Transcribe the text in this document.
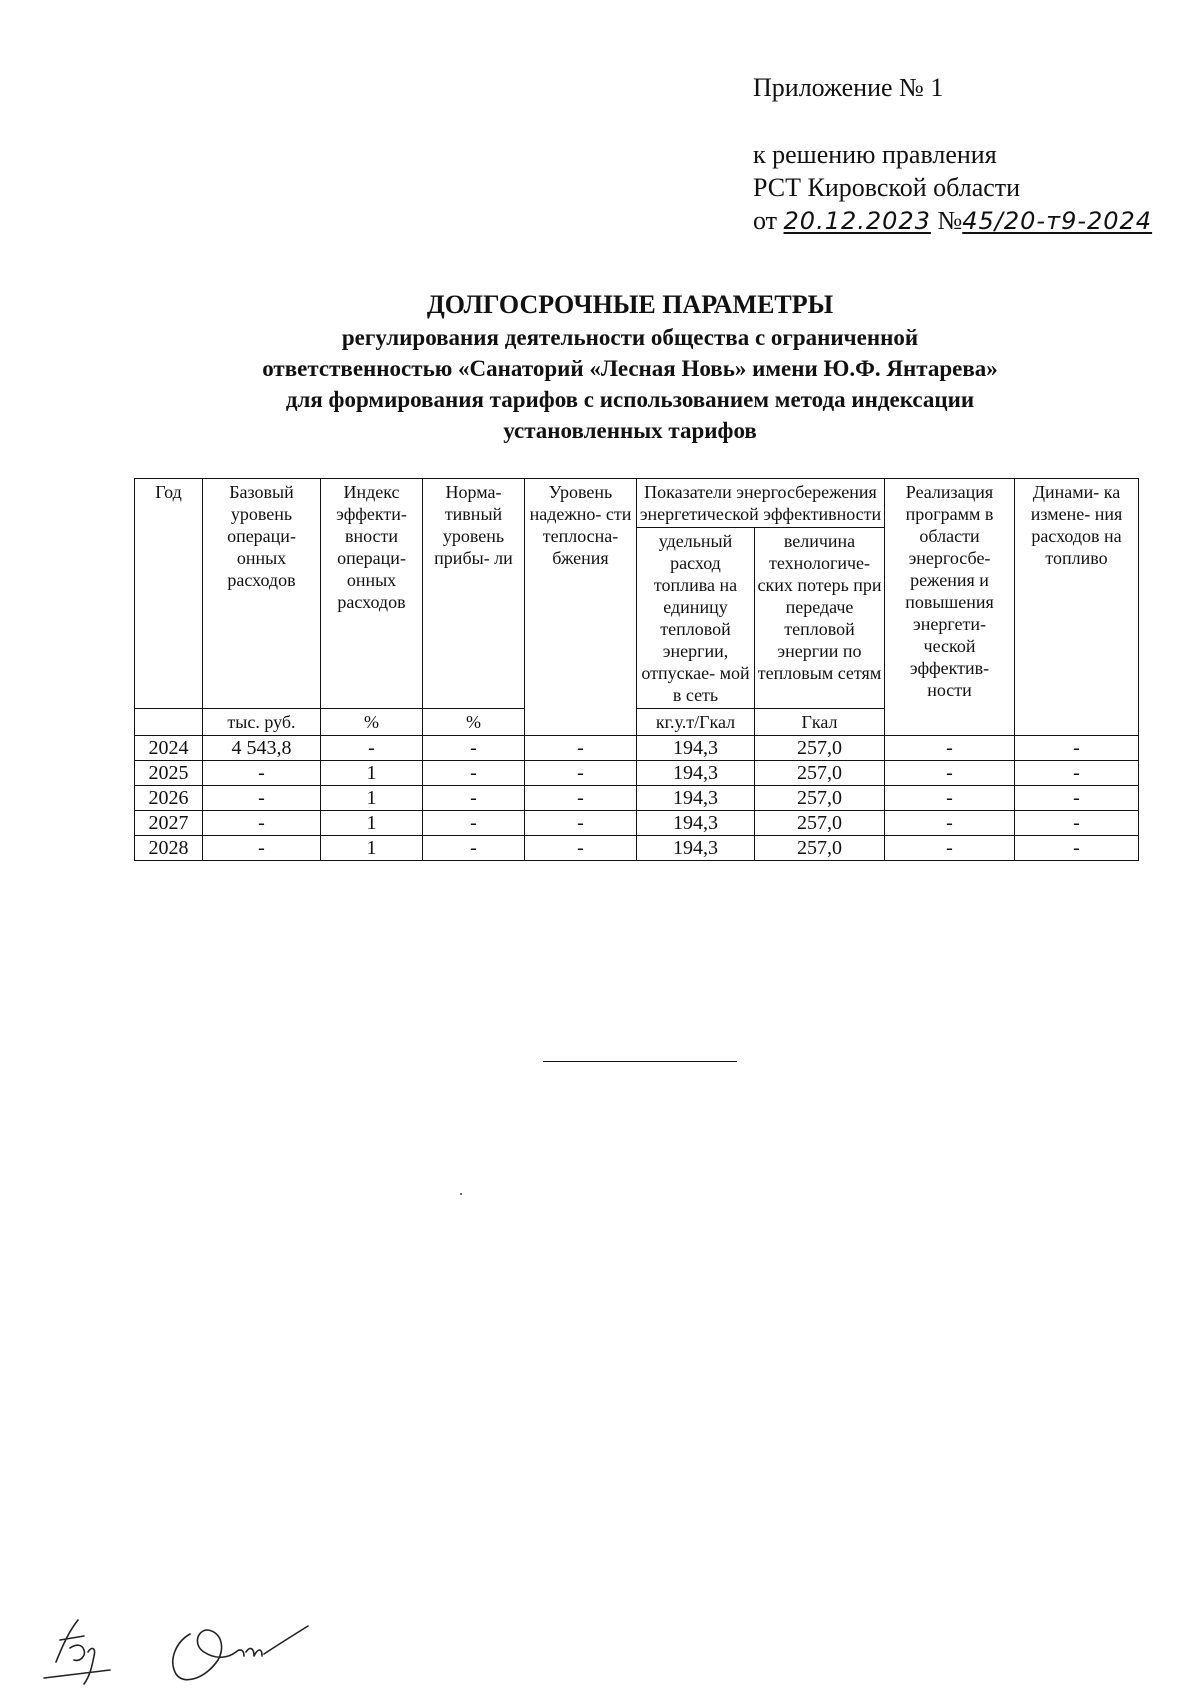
Приложение № 1
к решению правления
РСТ Кировской области
от 20.12.2023 №45/20-т9-2024
ДОЛГОСРОЧНЫЕ ПАРАМЕТРЫ
регулирования деятельности общества с ограниченной
ответственностью «Санаторий «Лесная Новь» имени Ю.Ф. Янтарева»
для формирования тарифов с использованием метода индексации
установленных тарифов
Год	Базовый уровень операци- онных расходов	Индекс эффекти- вности операци- онных расходов	Норма- тивный уровень прибы- ли	Уровень надежно- сти теплосна- бжения	Показатели энергосбережения энергетической эффективности		Реализация программ в области энергосбе- режения и повышения энергети- ческой эффектив- ности	Динами- ка измене- ния расходов на топливо
					удельный расход топлива на единицу тепловой энергии, отпускае- мой в сеть	величина технологиче- ских потерь при передаче тепловой энергии по тепловым сетям		
	тыс. руб.	%	%		кг.у.т/Гкал	Гкал		
2024	4 543,8	-	-	-	194,3	257,0	-	-
2025	-	1	-	-	194,3	257,0	-	-
2026	-	1	-	-	194,3	257,0	-	-
2027	-	1	-	-	194,3	257,0	-	-
2028	-	1	-	-	194,3	257,0	-	-
